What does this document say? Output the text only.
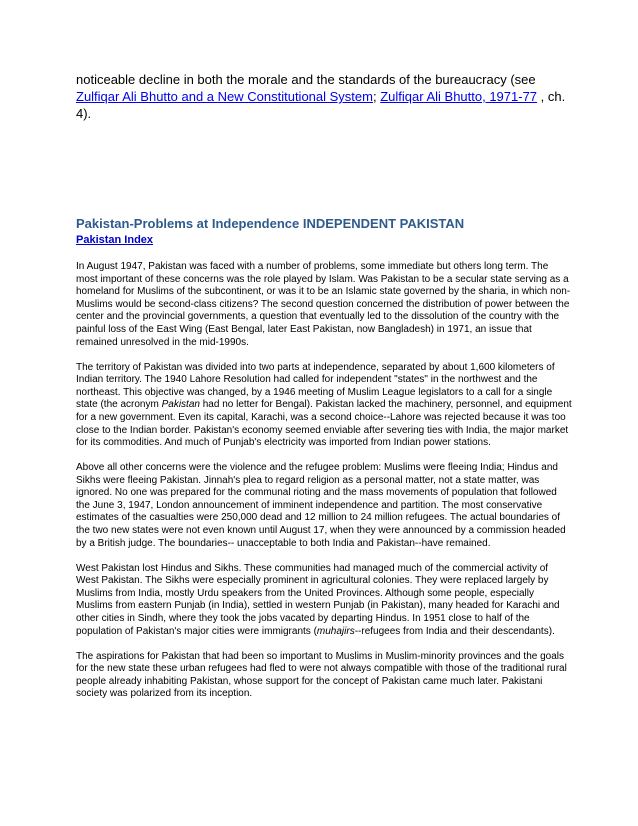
noticeable decline in both the morale and the standards of the bureaucracy (see Zulfiqar Ali Bhutto and a New Constitutional System; Zulfiqar Ali Bhutto, 1971-77 , ch. 4).

Pakistan-Problems at Independence INDEPENDENT PAKISTAN
Pakistan Index

In August 1947, Pakistan was faced with a number of problems, some immediate but others long term. The most important of these concerns was the role played by Islam. Was Pakistan to be a secular state serving as a homeland for Muslims of the subcontinent, or was it to be an Islamic state governed by the sharia, in which non-Muslims would be second-class citizens? The second question concerned the distribution of power between the center and the provincial governments, a question that eventually led to the dissolution of the country with the painful loss of the East Wing (East Bengal, later East Pakistan, now Bangladesh) in 1971, an issue that remained unresolved in the mid-1990s.

The territory of Pakistan was divided into two parts at independence, separated by about 1,600 kilometers of Indian territory. The 1940 Lahore Resolution had called for independent "states" in the northwest and the northeast. This objective was changed, by a 1946 meeting of Muslim League legislators to a call for a single state (the acronym Pakistan had no letter for Bengal). Pakistan lacked the machinery, personnel, and equipment for a new government. Even its capital, Karachi, was a second choice--Lahore was rejected because it was too close to the Indian border. Pakistan's economy seemed enviable after severing ties with India, the major market for its commodities. And much of Punjab's electricity was imported from Indian power stations.

Above all other concerns were the violence and the refugee problem: Muslims were fleeing India; Hindus and Sikhs were fleeing Pakistan. Jinnah's plea to regard religion as a personal matter, not a state matter, was ignored. No one was prepared for the communal rioting and the mass movements of population that followed the June 3, 1947, London announcement of imminent independence and partition. The most conservative estimates of the casualties were 250,000 dead and 12 million to 24 million refugees. The actual boundaries of the two new states were not even known until August 17, when they were announced by a commission headed by a British judge. The boundaries-- unacceptable to both India and Pakistan--have remained.

West Pakistan lost Hindus and Sikhs. These communities had managed much of the commercial activity of West Pakistan. The Sikhs were especially prominent in agricultural colonies. They were replaced largely by Muslims from India, mostly Urdu speakers from the United Provinces. Although some people, especially Muslims from eastern Punjab (in India), settled in western Punjab (in Pakistan), many headed for Karachi and other cities in Sindh, where they took the jobs vacated by departing Hindus. In 1951 close to half of the population of Pakistan's major cities were immigrants (muhajirs--refugees from India and their descendants).

The aspirations for Pakistan that had been so important to Muslims in Muslim-minority provinces and the goals for the new state these urban refugees had fled to were not always compatible with those of the traditional rural people already inhabiting Pakistan, whose support for the concept of Pakistan came much later. Pakistani society was polarized from its inception.
